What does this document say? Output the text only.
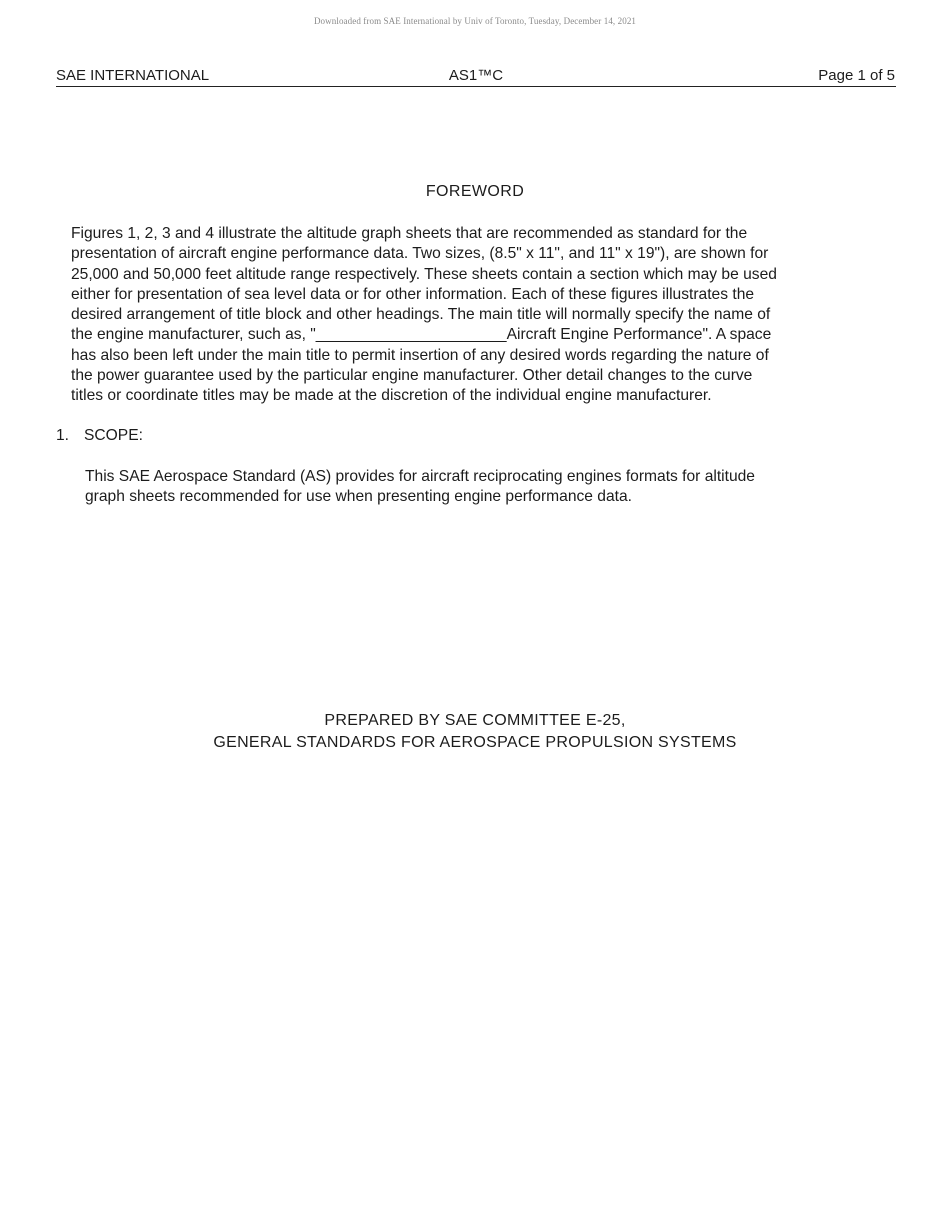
Downloaded from SAE International by Univ of Toronto, Tuesday, December 14, 2021
SAE INTERNATIONAL	AS1™C	Page 1 of 5
FOREWORD

Figures 1, 2, 3 and 4 illustrate the altitude graph sheets that are recommended as standard for the
presentation of aircraft engine performance data. Two sizes, (8.5" x 11", and 11" x 19"), are shown for
25,000 and 50,000 feet altitude range respectively. These sheets contain a section which may be used
either for presentation of sea level data or for other information. Each of these figures illustrates the
desired arrangement of title block and other headings. The main title will normally specify the name of
the engine manufacturer, such as, "______________________Aircraft Engine Performance". A space
has also been left under the main title to permit insertion of any desired words regarding the nature of
the power guarantee used by the particular engine manufacturer. Other detail changes to the curve
titles or coordinate titles may be made at the discretion of the individual engine manufacturer.

1. SCOPE:

This SAE Aerospace Standard (AS) provides for aircraft reciprocating engines formats for altitude
graph sheets recommended for use when presenting engine performance data.

PREPARED BY SAE COMMITTEE E-25,
GENERAL STANDARDS FOR AEROSPACE PROPULSION SYSTEMS
